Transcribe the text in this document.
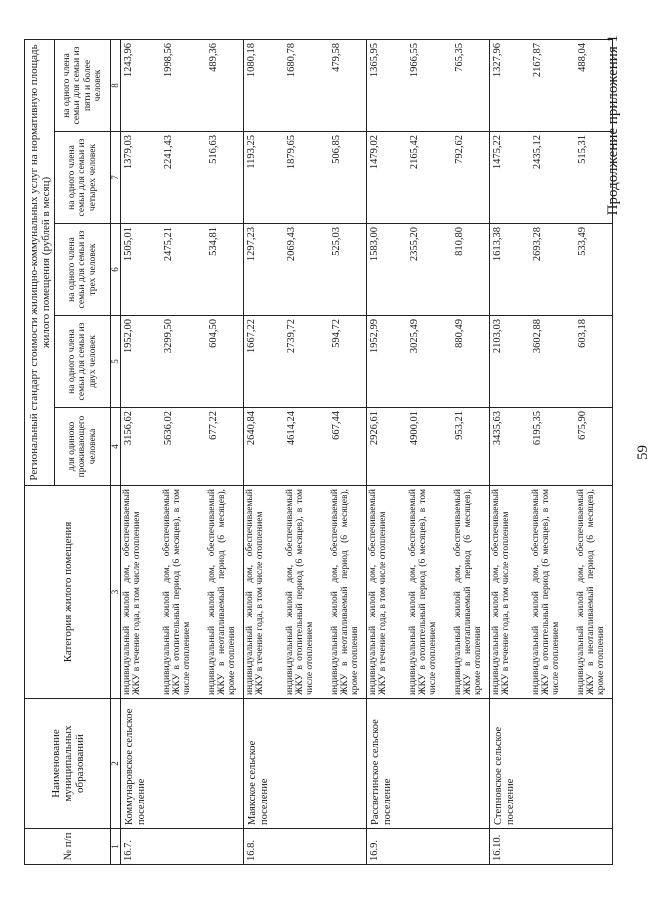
59
Продолжение приложения 1
№ п/п	Наименование муниципальных образований	Категория жилого помещения	Региональный стандарт стоимости жилищно-коммунальных услуг на нормативную площадь жилого помещения (рублей в месяц)				
			для одиноко проживающего человека	на одного члена семьи для семьи из двух человек	на одного члена семьи для семьи из трех человек	на одного члена семьи для семьи из четырех человек	на одного члена семьи для семьи из пяти и более человек
1	2	3	4	5	6	7	8
16.7.	Коммунаровское сельское поселение	индивидуальный жилой дом, обеспечиваемый ЖКУ в течение года, в том числе отоплением	3156,62	1952,00	1505,01	1379,03	1243,96
		индивидуальный жилой дом, обеспечиваемый ЖКУ в отопительный период (6 месяцев), в том числе отоплением	5636,02	3299,50	2475,21	2241,43	1998,56
		индивидуальный жилой дом, обеспечиваемый ЖКУ в неотапливаемый период (6 месяцев), кроме отопления	677,22	604,50	534,81	516,63	489,36
16.8.	Маякское сельское поселение	индивидуальный жилой дом, обеспечиваемый ЖКУ в течение года, в том числе отоплением	2640,84	1667,22	1297,23	1193,25	1080,18
		индивидуальный жилой дом, обеспечиваемый ЖКУ в отопительный период (6 месяцев), в том числе отоплением	4614,24	2739,72	2069,43	1879,65	1680,78
		индивидуальный жилой дом, обеспечиваемый ЖКУ в неотапливаемый период (6 месяцев), кроме отопления	667,44	594,72	525,03	506,85	479,58
16.9.	Рассветинское сельское поселение	индивидуальный жилой дом, обеспечиваемый ЖКУ в течение года, в том числе отоплением	2926,61	1952,99	1583,00	1479,02	1365,95
		индивидуальный жилой дом, обеспечиваемый ЖКУ в отопительный период (6 месяцев), в том числе отоплением	4900,01	3025,49	2355,20	2165,42	1966,55
		индивидуальный жилой дом, обеспечиваемый ЖКУ в неотапливаемый период (6 месяцев), кроме отопления	953,21	880,49	810,80	792,62	765,35
16.10.	Степновское сельское поселение	индивидуальный жилой дом, обеспечиваемый ЖКУ в течение года, в том числе отоплением	3435,63	2103,03	1613,38	1475,22	1327,96
		индивидуальный жилой дом, обеспечиваемый ЖКУ в отопительный период (6 месяцев), в том числе отоплением	6195,35	3602,88	2693,28	2435,12	2167,87
		индивидуальный жилой дом, обеспечиваемый ЖКУ в неотапливаемый период (6 месяцев), кроме отопления	675,90	603,18	533,49	515,31	488,04
